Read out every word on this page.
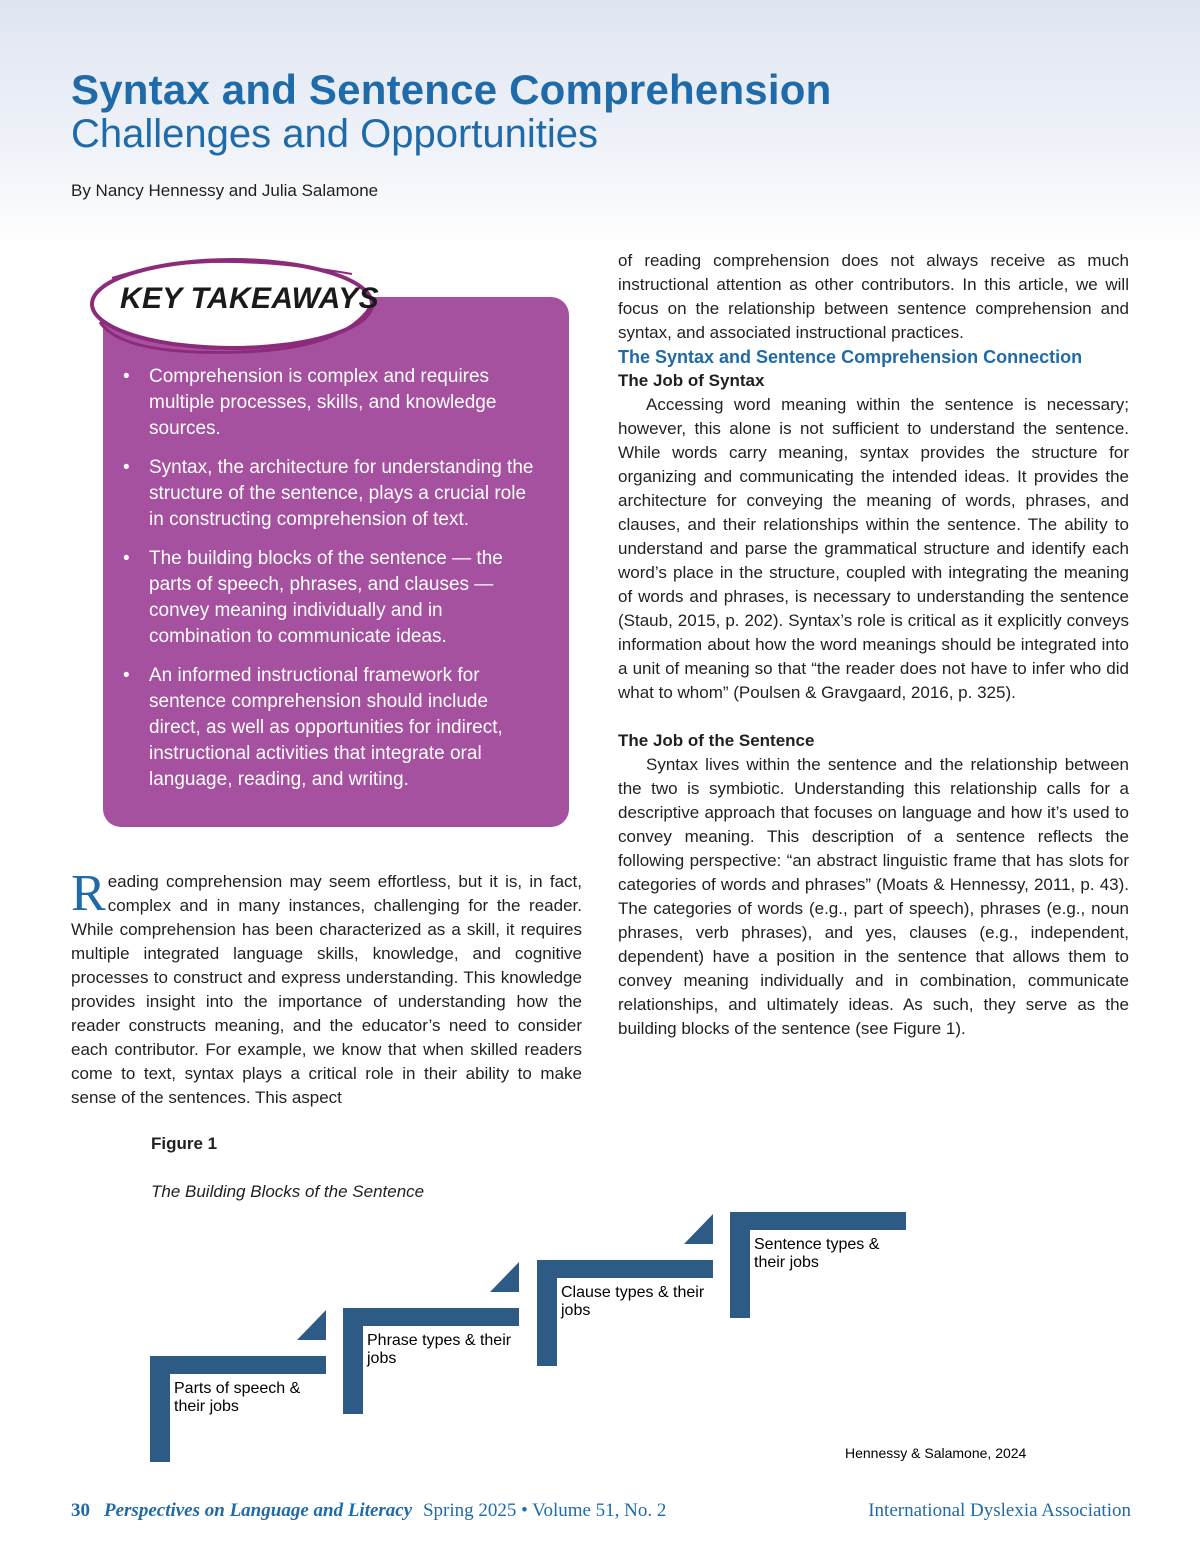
Syntax and Sentence Comprehension
Challenges and Opportunities
By Nancy Hennessy and Julia Salamone
KEY TAKEAWAYS
• Comprehension is complex and requires multiple processes, skills, and knowledge sources.
• Syntax, the architecture for understanding the structure of the sentence, plays a crucial role in constructing comprehension of text.
• The building blocks of the sentence — the parts of speech, phrases, and clauses — convey meaning individually and in combination to communicate ideas.
• An informed instructional framework for sentence comprehension should include direct, as well as opportunities for indirect, instructional activities that integrate oral language, reading, and writing.
Reading comprehension may seem effortless, but it is, in fact, complex and in many instances, challenging for the reader. While comprehension has been characterized as a skill, it requires multiple integrated language skills, knowledge, and cognitive processes to construct and express understanding. This knowledge provides insight into the importance of understanding how the reader constructs meaning, and the educator’s need to consider each contributor. For example, we know that when skilled readers come to text, syntax plays a critical role in their ability to make sense of the sentences. This aspect

of reading comprehension does not always receive as much instructional attention as other contributors. In this article, we will focus on the relationship between sentence comprehension and syntax, and associated instructional practices.

The Syntax and Sentence Comprehension Connection

The Job of Syntax

Accessing word meaning within the sentence is necessary; however, this alone is not sufficient to understand the sentence. While words carry meaning, syntax provides the structure for organizing and communicating the intended ideas. It provides the architecture for conveying the meaning of words, phrases, and clauses, and their relationships within the sentence. The ability to understand and parse the grammatical structure and identify each word’s place in the structure, coupled with integrating the meaning of words and phrases, is necessary to understanding the sentence (Staub, 2015, p. 202). Syntax’s role is critical as it explicitly conveys information about how the word meanings should be integrated into a unit of meaning so that “the reader does not have to infer who did what to whom” (Poulsen & Gravgaard, 2016, p. 325).

The Job of the Sentence

Syntax lives within the sentence and the relationship between the two is symbiotic. Understanding this relationship calls for a descriptive approach that focuses on language and how it’s used to convey meaning. This description of a sentence reflects the following perspective: “an abstract linguistic frame that has slots for categories of words and phrases” (Moats & Hennessy, 2011, p. 43). The categories of words (e.g., part of speech), phrases (e.g., noun phrases, verb phrases), and yes, clauses (e.g., independent, dependent) have a position in the sentence that allows them to convey meaning individually and in combination, communicate relationships, and ultimately ideas. As such, they serve as the building blocks of the sentence (see Figure 1).

Figure 1
The Building Blocks of the Sentence
Parts of speech & their jobs
Phrase types & their jobs
Clause types & their jobs
Sentence types & their jobs
Hennessy & Salamone, 2024
30 Perspectives on Language and Literacy Spring 2025 • Volume 51, No. 2	International Dyslexia Association
